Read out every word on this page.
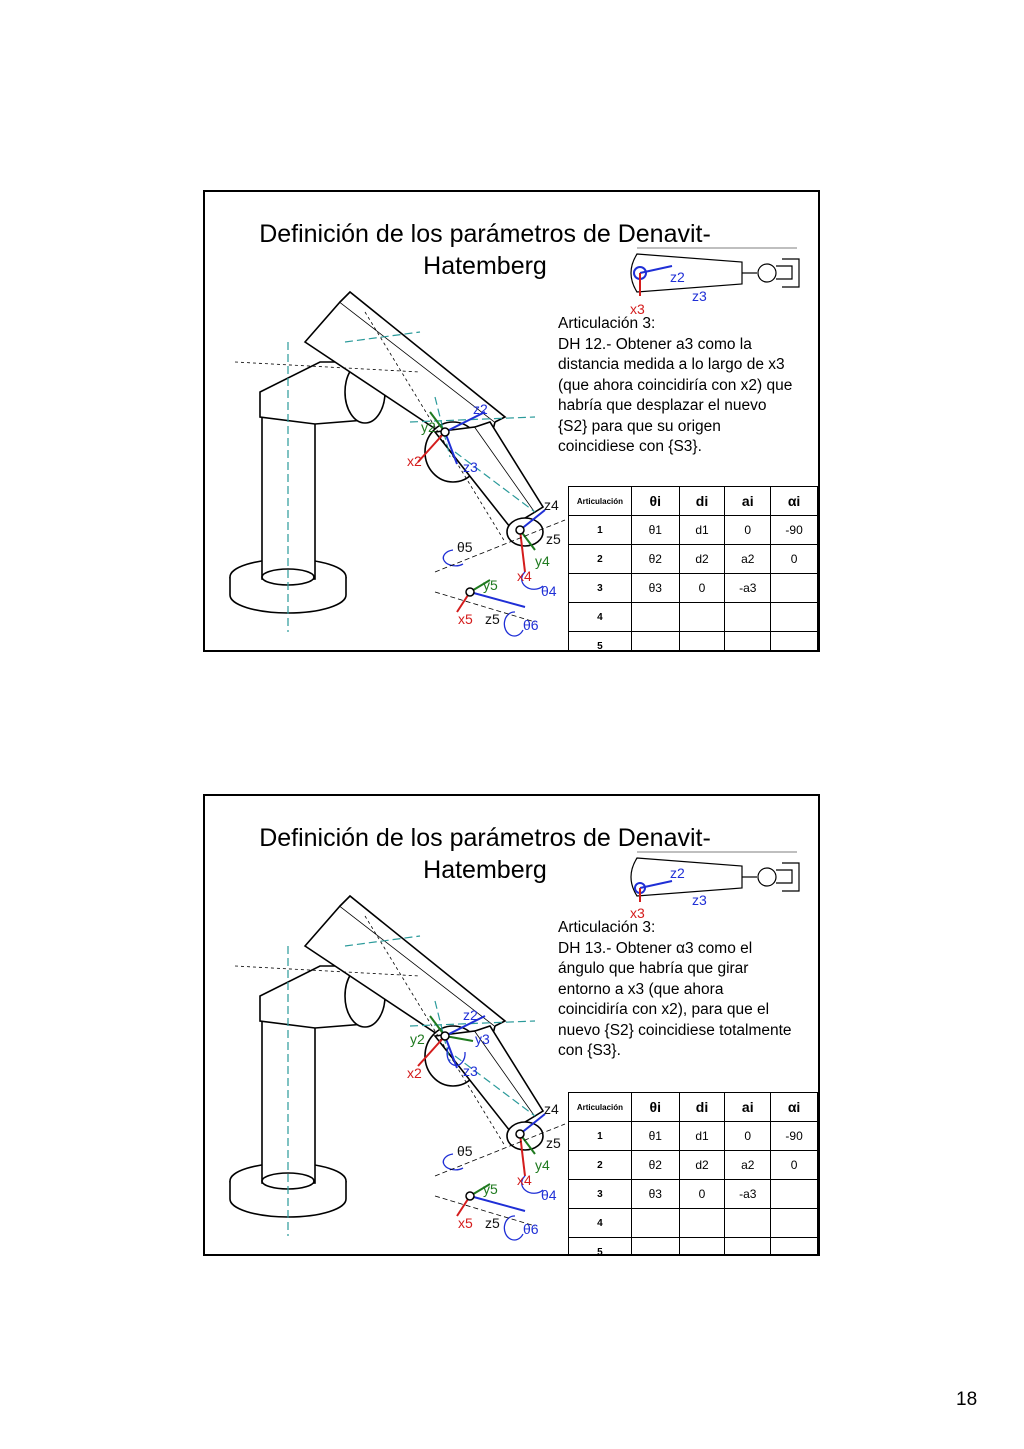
Definición de los parámetros de Denavit-
Hatemberg
Articulación 3:
DH 12.- Obtener a3 como la
distancia medida a lo largo de x3
(que ahora coincidiría con x2) que
habría que desplazar el nuevo
{S2} para que su origen
coincidiese con {S3}.
z2
z3
x3
z2
z3
x2
y2
z4
z5
y4
x4
θ4
θ5
y5
x5 z5 θ6
Articulación	θi	di	ai	αi
1	θ1	d1	0	-90
2	θ2	d2	a2	0
3	θ3	0	-a3	
4				
5				
Definición de los parámetros de Denavit-
Hatemberg
Articulación 3:
DH 13.- Obtener α3 como el
ángulo que habría que girar
entorno a x3 (que ahora
coincidiría con x2), para que el
nuevo {S2} coincidiese totalmente
con {S3}.
z2
z3
x3
z2
y3
z3
x2
y2
z4
z5
y4
x4
θ4
θ5
y5
x5 z5 θ6
Articulación	θi	di	ai	αi
1	θ1	d1	0	-90
2	θ2	d2	a2	0
3	θ3	0	-a3	
4				
5				
18
